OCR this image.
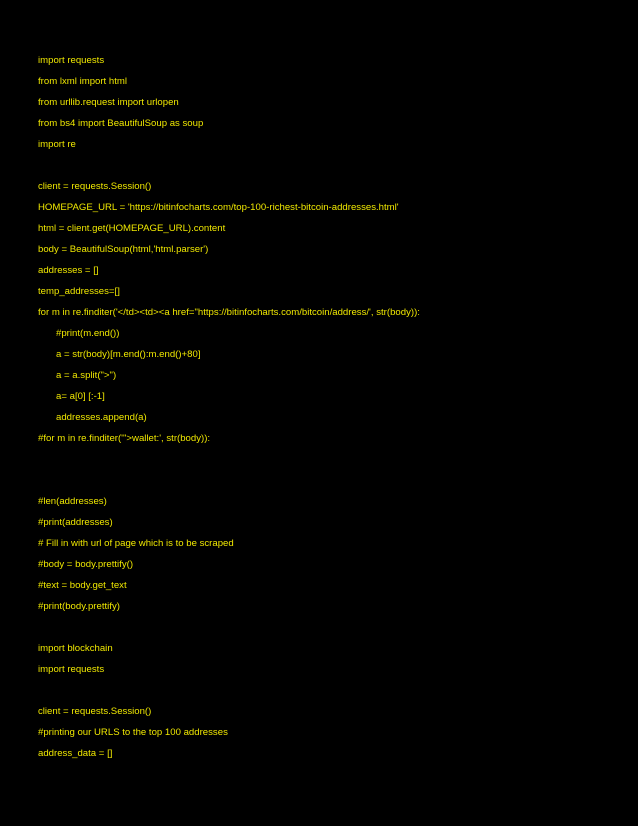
import requests
from lxml import html
from urllib.request import urlopen
from bs4 import BeautifulSoup as soup
import re
client = requests.Session()
HOMEPAGE_URL = 'https://bitinfocharts.com/top-100-richest-bitcoin-addresses.html'
html = client.get(HOMEPAGE_URL).content
body = BeautifulSoup(html,'html.parser')
addresses = []
temp_addresses=[]
for m in re.finditer('</td><td><a href="https://bitinfocharts.com/bitcoin/address/', str(body)):
#print(m.end())
a = str(body)[m.end():m.end()+80]
a = a.split(">")
a= a[0] [:-1]
addresses.append(a)
#for m in re.finditer('">wallet:', str(body)):
#len(addresses)
#print(addresses)
# Fill in with url of page which is to be scraped
#body = body.prettify()
#text = body.get_text
#print(body.prettify)
import blockchain
import requests
client = requests.Session()
#printing our URLS to the top 100 addresses
address_data = []
